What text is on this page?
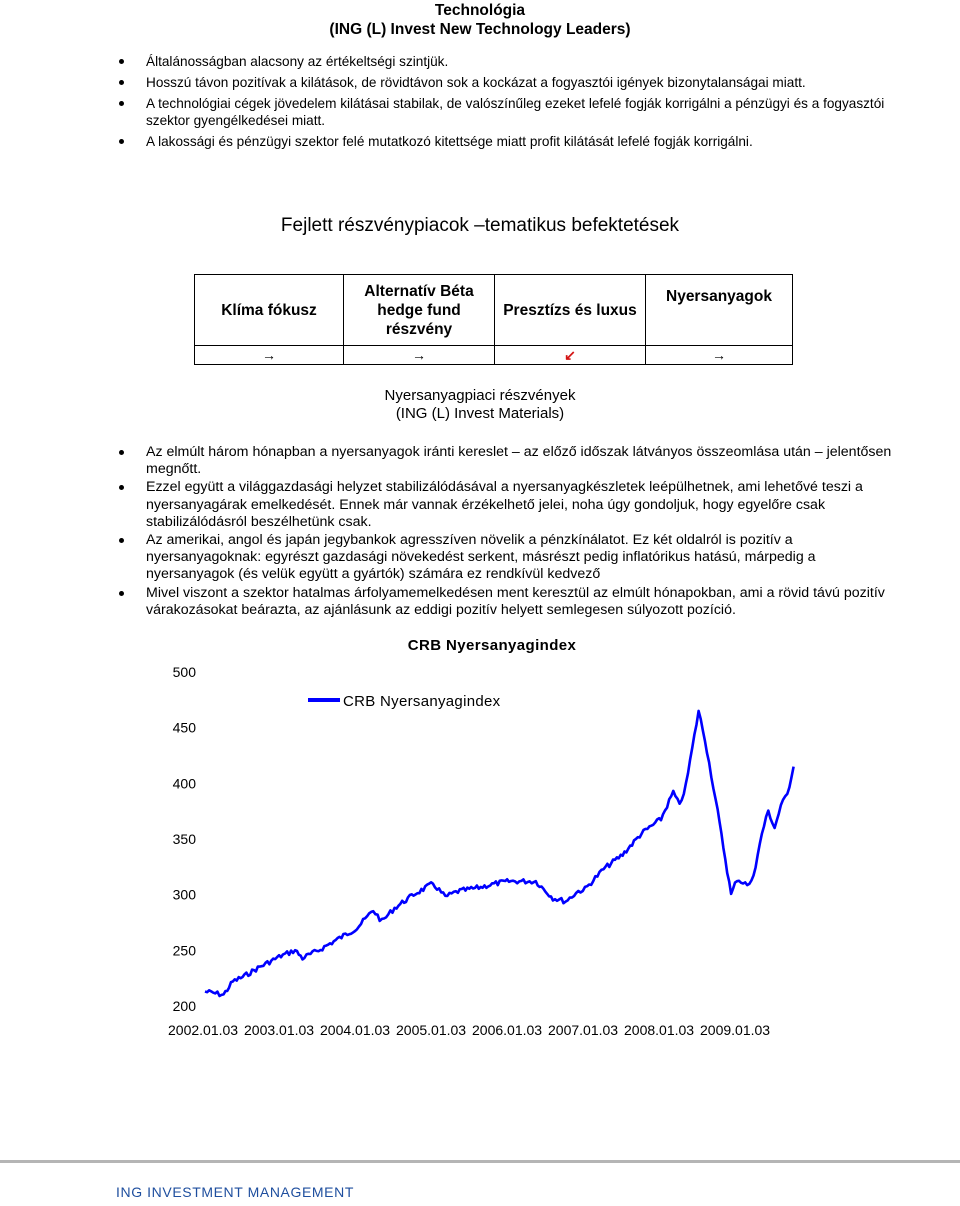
Technológia
(ING (L) Invest New Technology Leaders)
Általánosságban alacsony az értékeltségi szintjük.
Hosszú távon pozitívak a kilátások, de rövidtávon sok a kockázat a fogyasztói igények bizonytalanságai miatt.
A technológiai cégek jövedelem kilátásai stabilak, de valószínűleg ezeket lefelé fogják korrigálni a pénzügyi és a fogyasztói szektor gyengélkedései miatt.
A lakossági és pénzügyi szektor felé mutatkozó kitettsége miatt profit kilátását lefelé fogják korrigálni.
Fejlett részvénypiacok –tematikus befektetések
Klíma fókusz	Alternatív Béta hedge fund részvény	Presztízs és luxus	Nyersanyagok
→	→	↙	→
Nyersanyagpiaci részvények
(ING (L) Invest Materials)
Az elmúlt három hónapban a nyersanyagok iránti kereslet – az előző időszak látványos összeomlása után – jelentősen megnőtt.
Ezzel együtt a világgazdasági helyzet stabilizálódásával a nyersanyagkészletek leépülhetnek, ami lehetővé teszi a nyersanyagárak emelkedését. Ennek már vannak érzékelhető jelei, noha úgy gondoljuk, hogy egyelőre csak stabilizálódásról beszélhetünk csak.
Az amerikai, angol és japán jegybankok agresszíven növelik a pénzkínálatot. Ez két oldalról is pozitív a nyersanyagoknak: egyrészt gazdasági növekedést serkent, másrészt pedig inflatórikus hatású, márpedig a nyersanyagok (és velük együtt a gyártók) számára ez rendkívül kedvező
Mivel viszont a szektor hatalmas árfolyamemelkedésen ment keresztül az elmúlt hónapokban, ami a rövid távú pozitív várakozásokat beárazta, az ajánlásunk az eddigi pozitív helyett semlegesen súlyozott pozíció.
CRB Nyersanyagindex
500
450
400
350
300
250
200
2002.01.03 2003.01.03 2004.01.03 2005.01.03 2006.01.03 2007.01.03 2008.01.03 2009.01.03
CRB Nyersanyagindex
ING INVESTMENT MANAGEMENT
